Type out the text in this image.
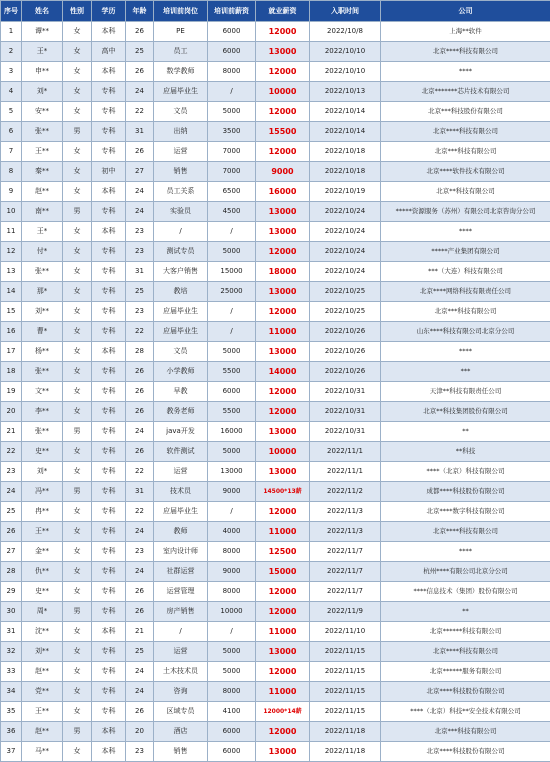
序号	姓名	性别	学历	年龄	培训前岗位	培训前薪资	就业薪资	入职时间	公司
1	谭**	女	本科	26	PE	6000	12000	2022/10/8	上海**软件
2	王*	女	高中	25	员工	6000	13000	2022/10/10	北京****科技有限公司
3	申**	女	本科	26	数学教师	8000	12000	2022/10/10	****
4	刘*	女	专科	24	应届毕业生	/	10000	2022/10/13	北京*******芯片技术有限公司
5	安**	女	专科	22	文员	5000	12000	2022/10/14	北京***科技股份有限公司
6	张**	男	专科	31	出纳	3500	15500	2022/10/14	北京****科技有限公司
7	王**	女	专科	26	运营	7000	12000	2022/10/18	北京***科技有限公司
8	秦**	女	初中	27	销售	7000	9000	2022/10/18	北京****软件技术有限公司
9	赵**	女	本科	24	员工关系	6500	16000	2022/10/19	北京**科技有限公司
10	南**	男	专科	24	实验员	4500	13000	2022/10/24	*****资源服务（苏州）有限公司北京咨询分公司
11	王*	女	本科	23	/	/	13000	2022/10/24	****
12	付*	女	专科	23	测试专员	5000	12000	2022/10/24	*****产业集团有限公司
13	张**	女	专科	31	大客户销售	15000	18000	2022/10/24	***（大连）科技有限公司
14	那*	女	专科	25	教培	25000	13000	2022/10/25	北京****网络科技有限责任公司
15	刘**	女	专科	23	应届毕业生	/	12000	2022/10/25	北京***科技有限公司
16	曹*	女	专科	22	应届毕业生	/	11000	2022/10/26	山东****科技有限公司北京分公司
17	杨**	女	本科	28	文员	5000	13000	2022/10/26	****
18	张**	女	专科	26	小学教师	5500	14000	2022/10/26	***
19	文**	女	专科	26	早教	6000	12000	2022/10/31	天津**科技有限责任公司
20	李**	女	专科	26	教务老师	5500	12000	2022/10/31	北京**科技集团股份有限公司
21	张**	男	专科	24	java开发	16000	13000	2022/10/31	**
22	史**	女	专科	26	软件测试	5000	10000	2022/11/1	**科技
23	刘*	女	专科	22	运营	13000	13000	2022/11/1	****（北京）科技有限公司
24	冯**	男	专科	31	技术员	9000	14500*13薪	2022/11/2	成都****科技股份有限公司
25	冉**	女	专科	22	应届毕业生	/	12000	2022/11/3	北京****数字科技有限公司
26	王**	女	专科	24	教师	4000	11000	2022/11/3	北京****科技有限公司
27	金**	女	专科	23	室内设计师	8000	12500	2022/11/7	****
28	仇**	女	专科	24	社群运营	9000	15000	2022/11/7	杭州****有限公司北京分公司
29	史**	女	专科	26	运营管理	8000	12000	2022/11/7	****信息技术（集团）股份有限公司
30	周*	男	专科	26	房产销售	10000	12000	2022/11/9	**
31	沈**	女	本科	21	/	/	11000	2022/11/10	北京******科技有限公司
32	刘**	女	专科	25	运营	5000	13000	2022/11/15	北京****科技有限公司
33	赵**	女	专科	24	土木技术员	5000	12000	2022/11/15	北京******服务有限公司
34	党**	女	专科	24	咨询	8000	11000	2022/11/15	北京****科技股份有限公司
35	王**	女	专科	26	区域专员	4100	12000*14薪	2022/11/15	****（北京）科技**安全技术有限公司
36	赵**	男	本科	20	酒店	6000	12000	2022/11/18	北京***科技有限公司
37	马**	女	本科	23	销售	6000	13000	2022/11/18	北京****科技股份有限公司
